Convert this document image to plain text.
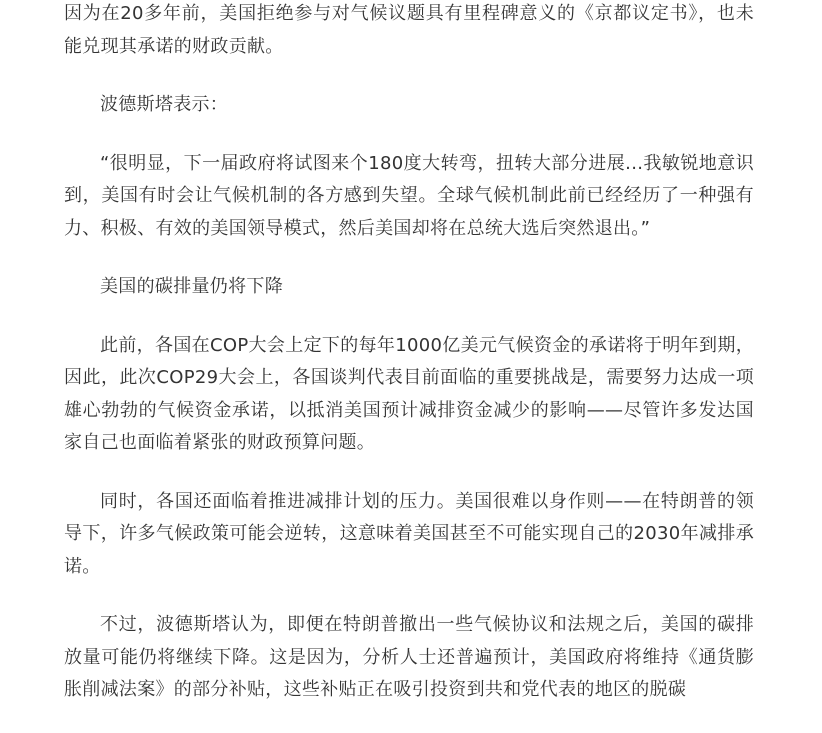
因为在20多年前，美国拒绝参与对气候议题具有里程碑意义的《京都议定书》，也未能兑现其承诺的财政贡献。

波德斯塔表示：

“很明显，下一届政府将试图来个180度大转弯，扭转大部分进展...我敏锐地意识到，美国有时会让气候机制的各方感到失望。全球气候机制此前已经经历了一种强有力、积极、有效的美国领导模式，然后美国却将在总统大选后突然退出。”

美国的碳排量仍将下降

此前，各国在COP大会上定下的每年1000亿美元气候资金的承诺将于明年到期，因此，此次COP29大会上，各国谈判代表目前面临的重要挑战是，需要努力达成一项雄心勃勃的气候资金承诺，以抵消美国预计减排资金减少的影响——尽管许多发达国家自己也面临着紧张的财政预算问题。

同时，各国还面临着推进减排计划的压力。美国很难以身作则——在特朗普的领导下，许多气候政策可能会逆转，这意味着美国甚至不可能实现自己的2030年减排承诺。

不过，波德斯塔认为，即便在特朗普撤出一些气候协议和法规之后，美国的碳排放量可能仍将继续下降。这是因为，分析人士还普遍预计，美国政府将维持《通货膨胀削减法案》的部分补贴，这些补贴正在吸引投资到共和党代表的地区的脱碳
